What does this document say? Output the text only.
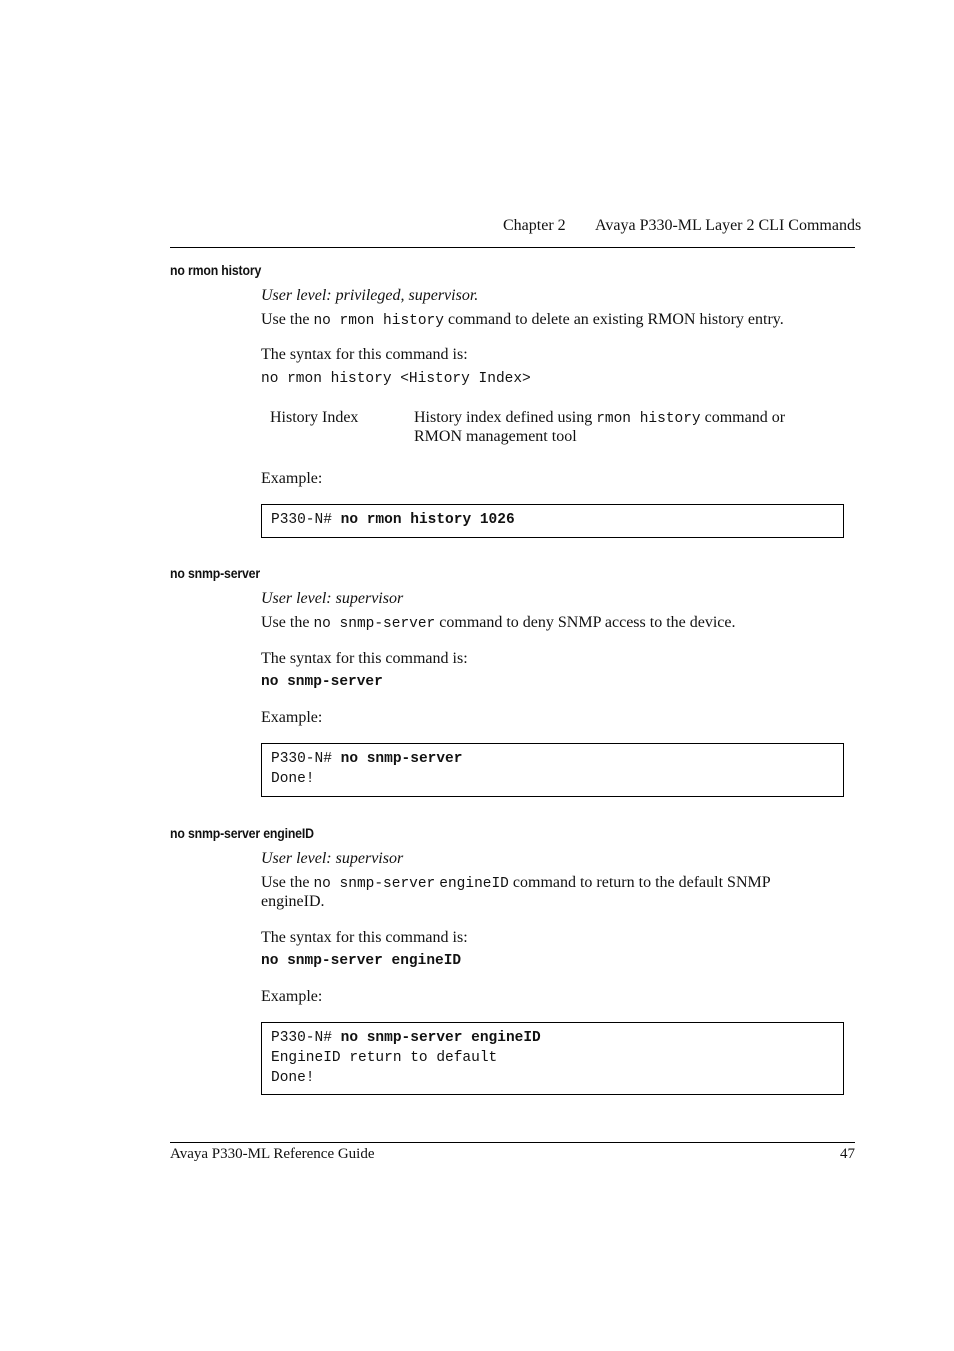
Chapter 2 Avaya P330-ML Layer 2 CLI Commands
no rmon history
User level: privileged, supervisor.
Use the no rmon history command to delete an existing RMON history entry.
The syntax for this command is:
no rmon history <History Index>
History Index	History index defined using rmon history command or
RMON management tool
Example:
P330-N# no rmon history 1026
no snmp-server
User level: supervisor
Use the no snmp-server command to deny SNMP access to the device.
The syntax for this command is:
no snmp-server
Example:
P330-N# no snmp-server
Done!
no snmp-server engineID
User level: supervisor
Use the no snmp-server engineID command to return to the default SNMP
engineID.
The syntax for this command is:
no snmp-server engineID
Example:
P330-N# no snmp-server engineID
EngineID return to default
Done!
Avaya P330-ML Reference Guide	47
